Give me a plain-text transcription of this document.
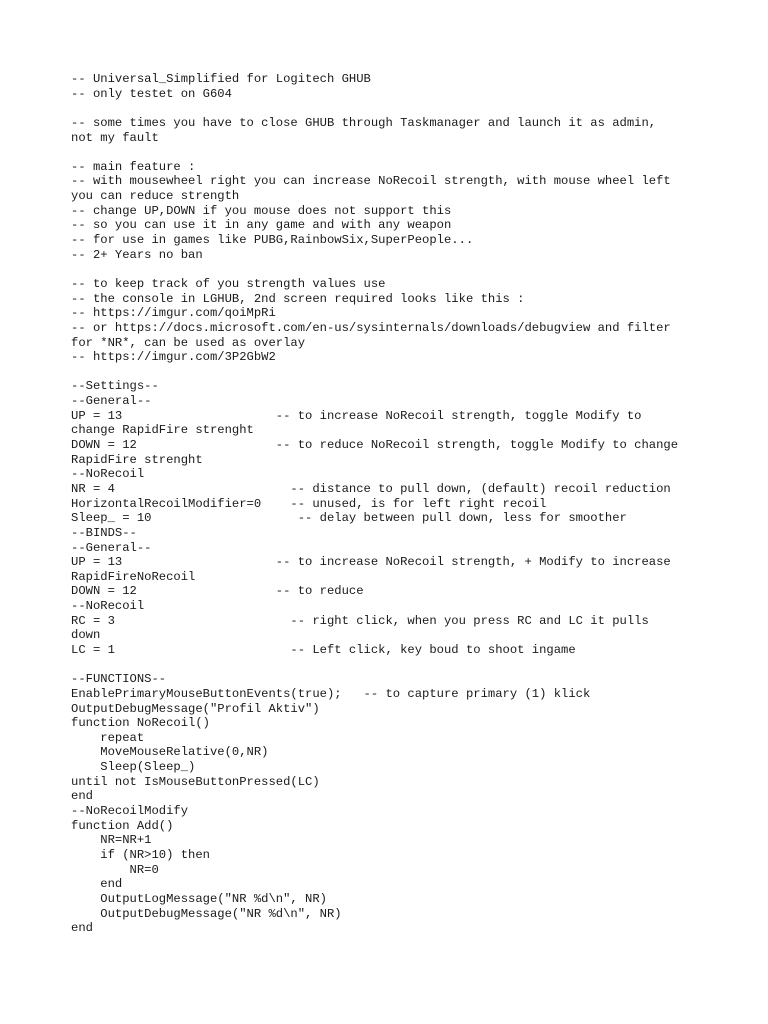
-- Universal_Simplified for Logitech GHUB
-- only testet on G604
-- some times you have to close GHUB through Taskmanager and launch it as admin,
not my fault
-- main feature :
-- with mousewheel right you can increase NoRecoil strength, with mouse wheel left
you can reduce strength
-- change UP,DOWN if you mouse does not support this
-- so you can use it in any game and with any weapon
-- for use in games like PUBG,RainbowSix,SuperPeople...
-- 2+ Years no ban
-- to keep track of you strength values use
-- the console in LGHUB, 2nd screen required looks like this :
-- https://imgur.com/qoiMpRi
-- or https://docs.microsoft.com/en-us/sysinternals/downloads/debugview and filter
for *NR*, can be used as overlay
-- https://imgur.com/3P2GbW2
--Settings--
--General--
UP = 13                     -- to increase NoRecoil strength, toggle Modify to
change RapidFire strenght
DOWN = 12                   -- to reduce NoRecoil strength, toggle Modify to change
RapidFire strenght
--NoRecoil
NR = 4                        -- distance to pull down, (default) recoil reduction
HorizontalRecoilModifier=0    -- unused, is for left right recoil
Sleep_ = 10                    -- delay between pull down, less for smoother
--BINDS--
--General--
UP = 13                     -- to increase NoRecoil strength, + Modify to increase
RapidFireNoRecoil
DOWN = 12                   -- to reduce
--NoRecoil
RC = 3                        -- right click, when you press RC and LC it pulls
down
LC = 1                        -- Left click, key boud to shoot ingame
--FUNCTIONS--
EnablePrimaryMouseButtonEvents(true);   -- to capture primary (1) klick
OutputDebugMessage("Profil Aktiv")
function NoRecoil()
repeat
MoveMouseRelative(0,NR)
Sleep(Sleep_)
until not IsMouseButtonPressed(LC)
end
--NoRecoilModify
function Add()
NR=NR+1
if (NR>10) then
NR=0
end
OutputLogMessage("NR %d\n", NR)
OutputDebugMessage("NR %d\n", NR)
end
